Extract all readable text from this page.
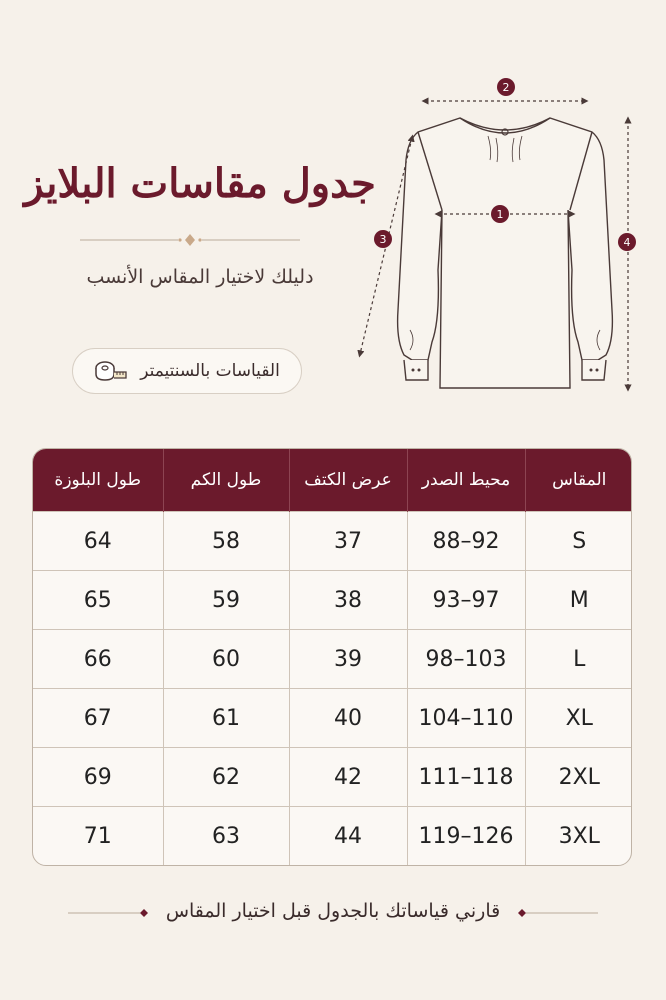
جدول مقاسات البلايز
دليلك لاختيار المقاس الأنسب
القياسات بالسنتيمتر
1
2
3	4
المقاس	محيط الصدر	عرض الكتف	طول الكم	طول البلوزة
S	88–92	37	58	64
M	93–97	38	59	65
L	98–103	39	60	66
XL	104–110	40	61	67
2XL	111–118	42	62	69
3XL	119–126	44	63	71
قارني قياساتك بالجدول قبل اختيار المقاس
